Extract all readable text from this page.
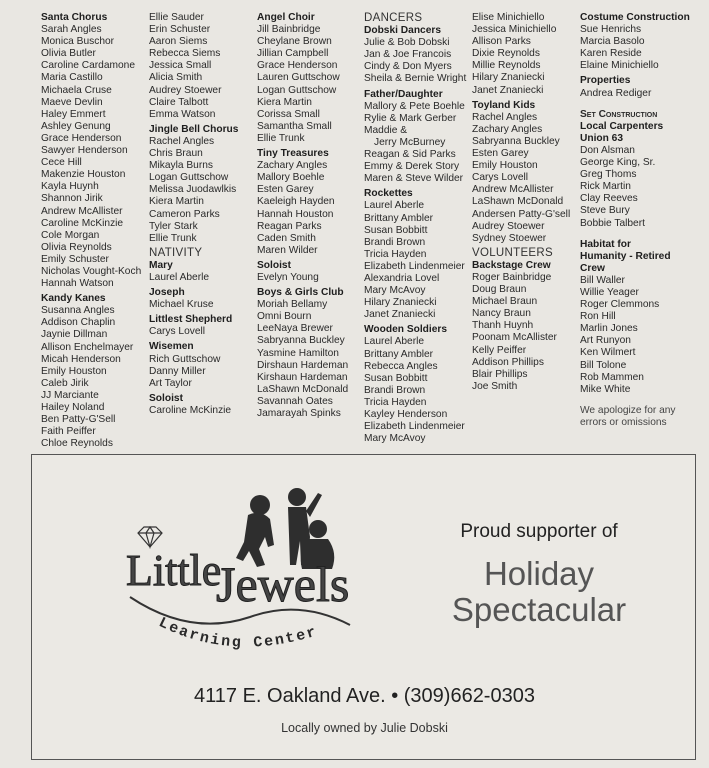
Santa Chorus
Sarah Angles
Monica Buschor
Olivia Butler
Caroline Cardamone
Maria Castillo
Michaela Cruse
Maeve Devlin
Haley Emmert
Ashley Genung
Grace Henderson
Sawyer Henderson
Cece Hill
Makenzie Houston
Kayla Huynh
Shannon Jirik
Andrew McAllister
Caroline McKinzie
Cole Morgan
Olivia Reynolds
Emily Schuster
Nicholas Vought-Koch
Hannah Watson
Kandy Kanes
Susanna Angles
Addison Chaplin
Jaynie Dillman
Allison Enchelmayer
Micah Henderson
Emily Houston
Caleb Jirik
JJ Marciante
Hailey Noland
Ben Patty-G'Sell
Faith Peiffer
Chloe Reynolds
Ellie Sauder
Erin Schuster
Aaron Siems
Rebecca Siems
Jessica Small
Alicia Smith
Audrey Stoewer
Claire Talbott
Emma Watson
Jingle Bell Chorus
Rachel Angles
Chris Braun
Mikayla Burns
Logan Guttschow
Melissa Juodawlkis
Kiera Martin
Cameron Parks
Tyler Stark
Ellie Trunk
NATIVITY
Mary
Laurel Aberle
Joseph
Michael Kruse
Littlest Shepherd
Carys Lovell
Wisemen
Rich Guttschow
Danny Miller
Art Taylor
Soloist
Caroline McKinzie
Angel Choir
Jill Bainbridge
Cheylane Brown
Jillian Campbell
Grace Henderson
Lauren Guttschow
Logan Guttschow
Kiera Martin
Corissa Small
Samantha Small
Ellie Trunk
Tiny Treasures
Zachary Angles
Mallory Boehle
Esten Garey
Kaeleigh Hayden
Hannah Houston
Reagan Parks
Caden Smith
Maren Wilder
Soloist
Evelyn Young
Boys & Girls Club
Moriah Bellamy
Omni Bourn
LeeNaya Brewer
Sabryanna Buckley
Yasmine Hamilton
Dirshaun Hardeman
Kirshaun Hardeman
LaShawn McDonald
Savannah Oates
Jamarayah Spinks
DANCERS
Dobski Dancers
Julie & Bob Dobski
Jan & Joe Francois
Cindy & Don Myers
Sheila & Bernie Wright
Father/Daughter
Mallory & Pete Boehle
Rylie & Mark Gerber
Maddie &
Jerry McBurney
Reagan & Sid Parks
Emmy & Derek Story
Maren & Steve Wilder
Rockettes
Laurel Aberle
Brittany Ambler
Susan Bobbitt
Brandi Brown
Tricia Hayden
Elizabeth Lindenmeier
Alexandria Lovel
Mary McAvoy
Hilary Znaniecki
Janet Znaniecki
Wooden Soldiers
Laurel Aberle
Brittany Ambler
Rebecca Angles
Susan Bobbitt
Brandi Brown
Tricia Hayden
Kayley Henderson
Elizabeth Lindenmeier
Mary McAvoy
Elise Minichiello
Jessica Minichiello
Allison Parks
Dixie Reynolds
Millie Reynolds
Hilary Znaniecki
Janet Znaniecki
Toyland Kids
Rachel Angles
Zachary Angles
Sabryanna Buckley
Esten Garey
Emily Houston
Carys Lovell
Andrew McAllister
LaShawn McDonald
Andersen Patty-G'sell
Audrey Stoewer
Sydney Stoewer
VOLUNTEERS
Backstage Crew
Roger Bainbridge
Doug Braun
Michael Braun
Nancy Braun
Thanh Huynh
Poonam McAllister
Kelly Peiffer
Addison Phillips
Blair Phillips
Joe Smith
Costume Construction
Sue Henrichs
Marcia Basolo
Karen Reside
Elaine Minichiello
Properties
Andrea Rediger
Set Construction
Local Carpenters
Union 63
Don Alsman
George King, Sr.
Greg Thoms
Rick Martin
Clay Reeves
Steve Bury
Bobbie Talbert
Habitat for
Humanity - Retired
Crew
Bill Waller
Willie Yeager
Roger Clemmons
Ron Hill
Marlin Jones
Art Runyon
Ken Wilmert
Bill Tolone
Rob Mammen
Mike White
We apologize for any
errors or omissions
Little
Jewels
Learning Center
Proud supporter of
Holiday
Spectacular
4117 E. Oakland Ave. • (309)662-0303
Locally owned by Julie Dobski
